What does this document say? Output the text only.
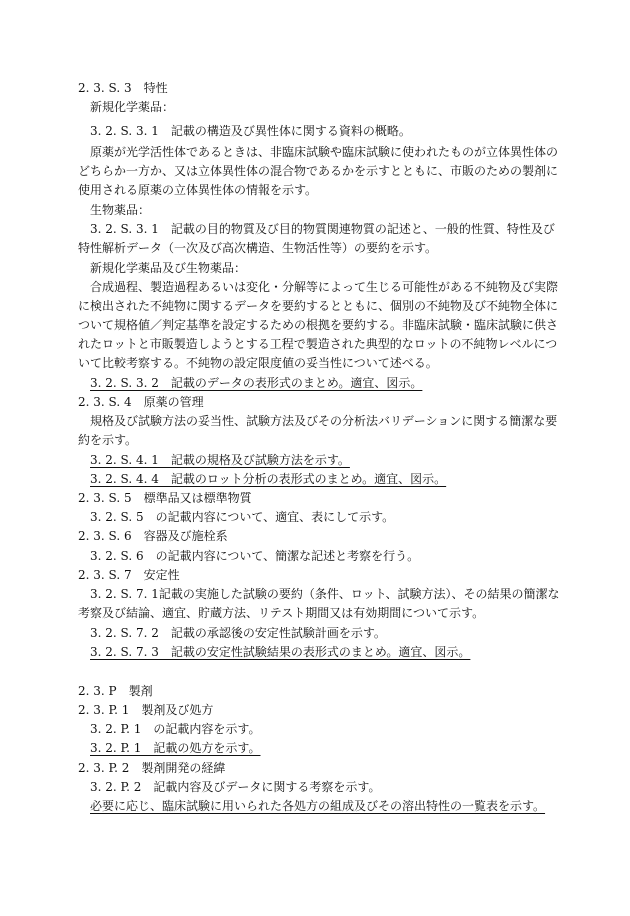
2. 3. S. 3　特性
新規化学薬品：
3. 2. S. 3. 1　記載の構造及び異性体に関する資料の概略。
原薬が光学活性体であるときは、非臨床試験や臨床試験に使われたものが立体異性体の
どちらか一方か、又は立体異性体の混合物であるかを示すとともに、市販のための製剤に
使用される原薬の立体異性体の情報を示す。
生物薬品：
3. 2. S. 3. 1　記載の目的物質及び目的物質関連物質の記述と、一般的性質、特性及び
特性解析データ（一次及び高次構造、生物活性等）の要約を示す。
新規化学薬品及び生物薬品：
合成過程、製造過程あるいは変化・分解等によって生じる可能性がある不純物及び実際
に検出された不純物に関するデータを要約するとともに、個別の不純物及び不純物全体に
ついて規格値／判定基準を設定するための根拠を要約する。非臨床試験・臨床試験に供さ
れたロットと市販製造しようとする工程で製造された典型的なロットの不純物レベルにつ
いて比較考察する。不純物の設定限度値の妥当性について述べる。
3. 2. S. 3. 2　記載のデータの表形式のまとめ。適宜、図示。
2. 3. S. 4　原薬の管理
規格及び試験方法の妥当性、試験方法及びその分析法バリデーションに関する簡潔な要
約を示す。
3. 2. S. 4. 1　記載の規格及び試験方法を示す。
3. 2. S. 4. 4　記載のロット分析の表形式のまとめ。適宜、図示。
2. 3. S. 5　標準品又は標準物質
3. 2. S. 5　の記載内容について、適宜、表にして示す。
2. 3. S. 6　容器及び施栓系
3. 2. S. 6　の記載内容について、簡潔な記述と考察を行う。
2. 3. S. 7　安定性
3. 2. S. 7. 1記載の実施した試験の要約（条件、ロット、試験方法）、その結果の簡潔な
考察及び結論、適宜、貯蔵方法、リテスト期間又は有効期間について示す。
3. 2. S. 7. 2　記載の承認後の安定性試験計画を示す。
3. 2. S. 7. 3　記載の安定性試験結果の表形式のまとめ。適宜、図示。
2. 3. P　製剤
2. 3. P. 1　製剤及び処方
3. 2. P. 1　の記載内容を示す。
3. 2. P. 1　記載の処方を示す。
2. 3. P. 2　製剤開発の経緯
3. 2. P. 2　記載内容及びデータに関する考察を示す。
必要に応じ、臨床試験に用いられた各処方の組成及びその溶出特性の一覧表を示す。
